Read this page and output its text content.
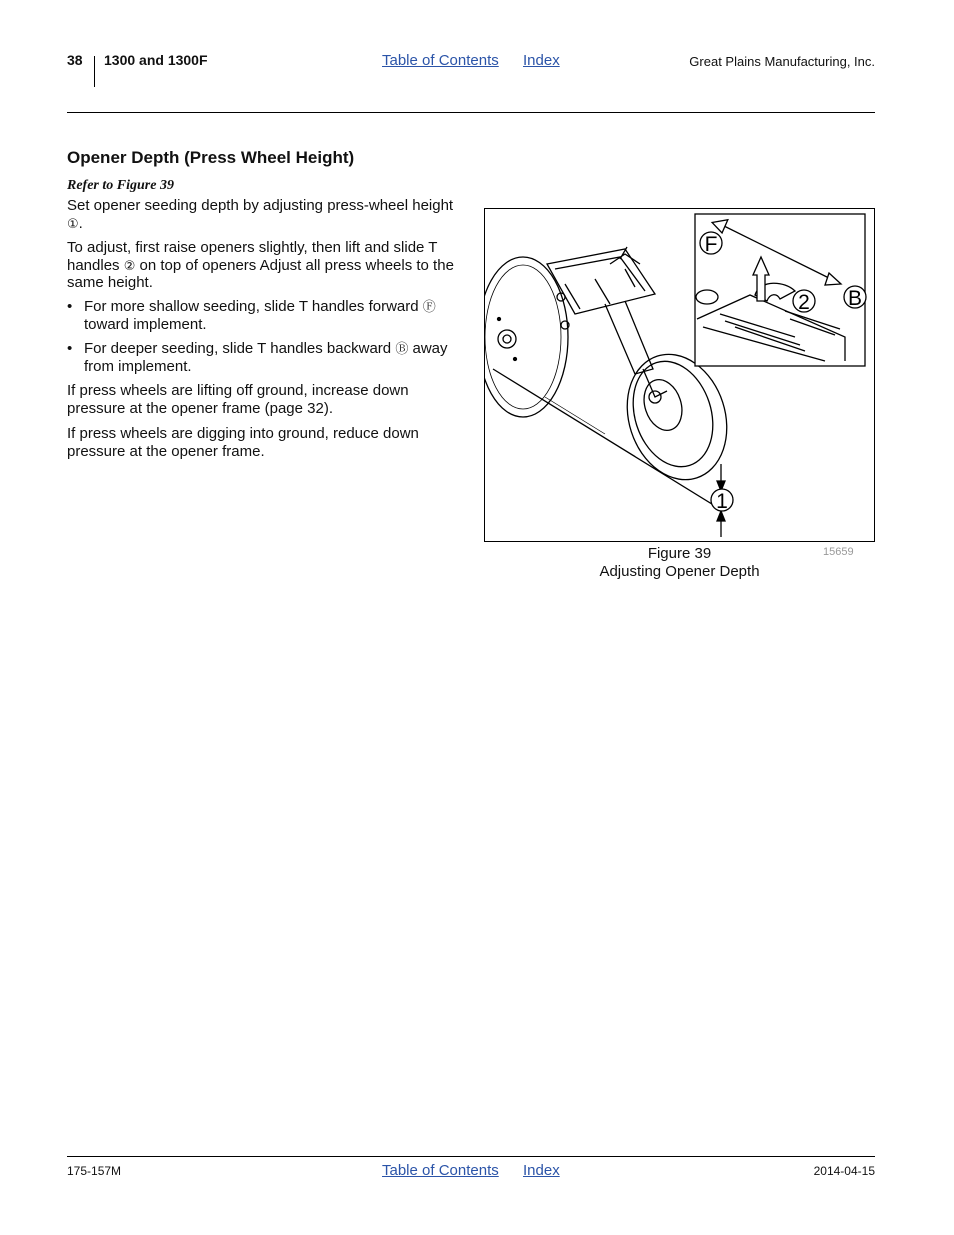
38 1300 and 1300F	Table of Contents Index	Great Plains Manufacturing, Inc.
Opener Depth (Press Wheel Height)
Refer to Figure 39

Set opener seeding depth by adjusting press-wheel height ①.

To adjust, first raise openers slightly, then lift and slide T handles ② on top of openers Adjust all press wheels to the same height.

• For more shallow seeding, slide T handles forward Ⓕ toward implement.
• For deeper seeding, slide T handles backward Ⓑ away from implement.

If press wheels are lifting off ground, increase down pressure at the opener frame (page 32).

If press wheels are digging into ground, reduce down pressure at the opener frame.

1
F
2 B
Figure 39
Adjusting Opener Depth
15659
175-157M	Table of Contents Index	2014-04-15
